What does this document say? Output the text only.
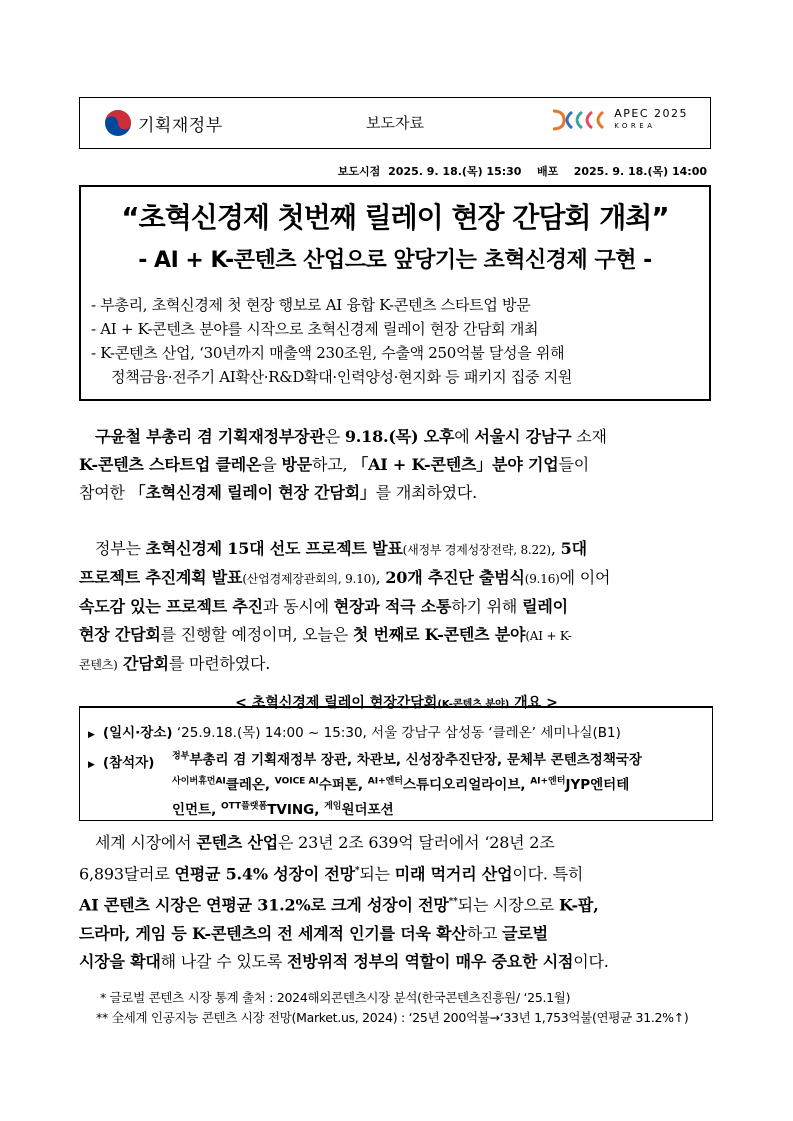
기획재정부	보도자료
APEC 2025
KOREA
보도시점 2025. 9. 18.(목) 15:30 배포 2025. 9. 18.(목) 14:00
“초혁신경제 첫번째 릴레이 현장 간담회 개최”
- AI + K-콘텐츠 산업으로 앞당기는 초혁신경제 구현 -
- 부총리, 초혁신경제 첫 현장 행보로 AI 융합 K-콘텐츠 스타트업 방문
- AI + K-콘텐츠 분야를 시작으로 초혁신경제 릴레이 현장 간담회 개최
- K-콘텐츠 산업, ‘30년까지 매출액 230조원, 수출액 250억불 달성을 위해
정책금융·전주기 AI확산·R&D확대·인력양성·현지화 등 패키지 집중 지원
구윤철 부총리 겸 기획재정부장관은 9.18.(목) 오후에 서울시 강남구 소재
K-콘텐츠 스타트업 클레온을 방문하고, 「AI + K-콘텐츠」분야 기업들이
참여한 「초혁신경제 릴레이 현장 간담회」를 개최하였다.
정부는 초혁신경제 15대 선도 프로젝트 발표(새정부 경제성장전략, 8.22), 5대
프로젝트 추진계획 발표(산업경제장관회의, 9.10), 20개 추진단 출범식(9.16)에 이어
속도감 있는 프로젝트 추진과 동시에 현장과 적극 소통하기 위해 릴레이
현장 간담회를 진행할 예정이며, 오늘은 첫 번째로 K-콘텐츠 분야(AI + K-
콘텐츠) 간담회를 마련하였다.
< 초혁신경제 릴레이 현장간담회(K-콘텐츠 분야) 개요 >
▶ (일시·장소) ‘25.9.18.(목) 14:00 ~ 15:30, 서울 강남구 삼성동 ‘클레온’ 세미나실(B1)
▶ (참석자) $^{정부}$부총리 겸 기획재정부 장관, 차관보, 신성장추진단장, 문체부 콘텐츠정책국장
$^{사이버휴먼AI}$클레온, $^{VOICE AI}$수퍼톤, $^{AI+엔터}$스튜디오리얼라이브, $^{AI+엔터}$JYP엔터테
인먼트, $^{OTT플랫폼}$TVING, $^{게임}$원더포션
세계 시장에서 콘텐츠 산업은 23년 2조 639억 달러에서 ‘28년 2조
6,893달러로 연평균 5.4% 성장이 전망*되는 미래 먹거리 산업이다. 특히
AI 콘텐츠 시장은 연평균 31.2%로 크게 성장이 전망**되는 시장으로 K-팝,
드라마, 게임 등 K-콘텐츠의 전 세계적 인기를 더욱 확산하고 글로벌
시장을 확대해 나갈 수 있도록 전방위적 정부의 역할이 매우 중요한 시점이다.
* 글로벌 콘텐츠 시장 통계 출처 : 2024해외콘텐츠시장 분석(한국콘텐츠진흥원/ ‘25.1월)
** 全세계 인공지능 콘텐츠 시장 전망(Market.us, 2024) : ‘25년 200억불→‘33년 1,753억불(연평균 31.2%↑)
